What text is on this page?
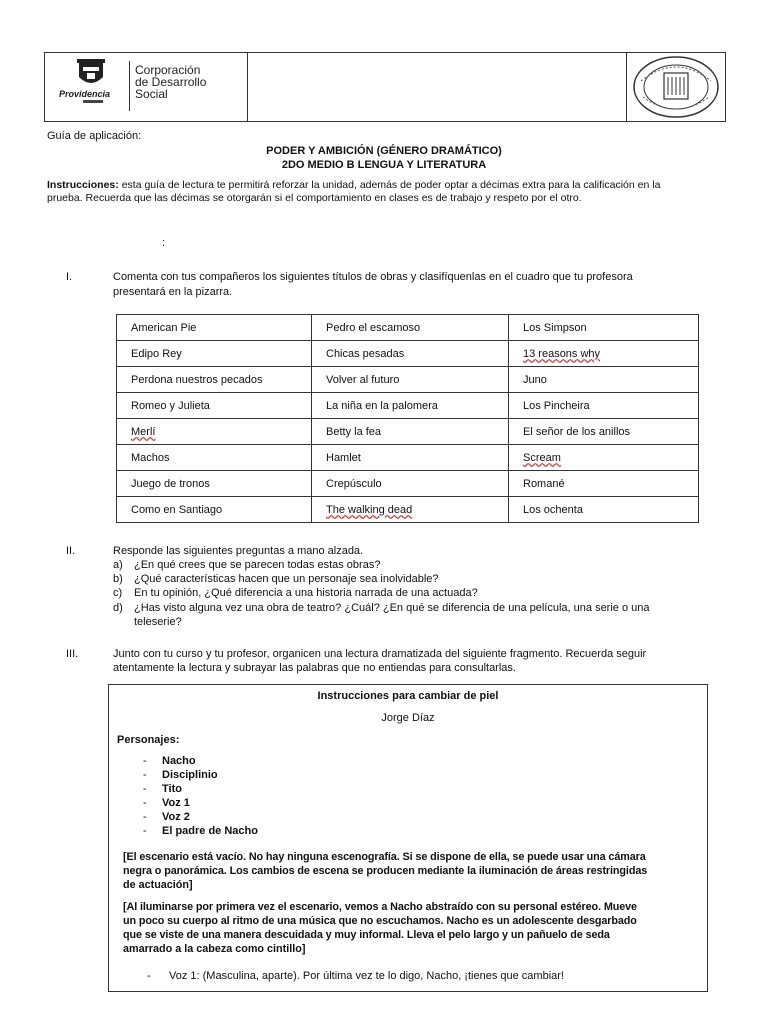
Providencia
Corporación
de Desarrollo
Social
Guía de aplicación:
PODER Y AMBICIÓN (GÉNERO DRAMÁTICO)
2DO MEDIO B LENGUA Y LITERATURA
Instrucciones: esta guía de lectura te permitirá reforzar la unidad, además de poder optar a décimas extra para la calificación en la
prueba. Recuerda que las décimas se otorgarán si el comportamiento en clases es de trabajo y respeto por el otro.
:
I.	Comenta con tus compañeros los siguientes títulos de obras y clasifíquenlas en el cuadro que tu profesora
presentará en la pizarra.
American Pie	Pedro el escamoso	Los Simpson
Edipo Rey	Chicas pesadas	13 reasons why
Perdona nuestros pecados	Volver al futuro	Juno
Romeo y Julieta	La niña en la palomera	Los Pincheira
Merlí	Betty la fea	El señor de los anillos
Machos	Hamlet	Scream
Juego de tronos	Crepúsculo	Romané
Como en Santiago	The walking dead	Los ochenta
II.	Responde las siguientes preguntas a mano alzada.
a) ¿En qué crees que se parecen todas estas obras?
b) ¿Qué características hacen que un personaje sea inolvidable?
c) En tu opinión, ¿Qué diferencia a una historia narrada de una actuada?
d) ¿Has visto alguna vez una obra de teatro? ¿Cuál? ¿En qué se diferencia de una película, una serie o una
teleserie?
III.	Junto con tu curso y tu profesor, organicen una lectura dramatizada del siguiente fragmento. Recuerda seguir
atentamente la lectura y subrayar las palabras que no entiendas para consultarlas.
Instrucciones para cambiar de piel
Jorge Díaz
Personajes:
- Nacho
- Disciplinio
- Tito
- Voz 1
- Voz 2
- El padre de Nacho
[El escenario está vacío. No hay ninguna escenografía. Si se dispone de ella, se puede usar una cámara
negra o panorámica. Los cambios de escena se producen mediante la iluminación de áreas restringidas
de actuación]
[Al iluminarse por primera vez el escenario, vemos a Nacho abstraído con su personal estéreo. Mueve
un poco su cuerpo al ritmo de una música que no escuchamos. Nacho es un adolescente desgarbado
que se viste de una manera descuidada y muy informal. Lleva el pelo largo y un pañuelo de seda
amarrado a la cabeza como cintillo]
- Voz 1: (Masculina, aparte). Por última vez te lo digo, Nacho, ¡tienes que cambiar!
